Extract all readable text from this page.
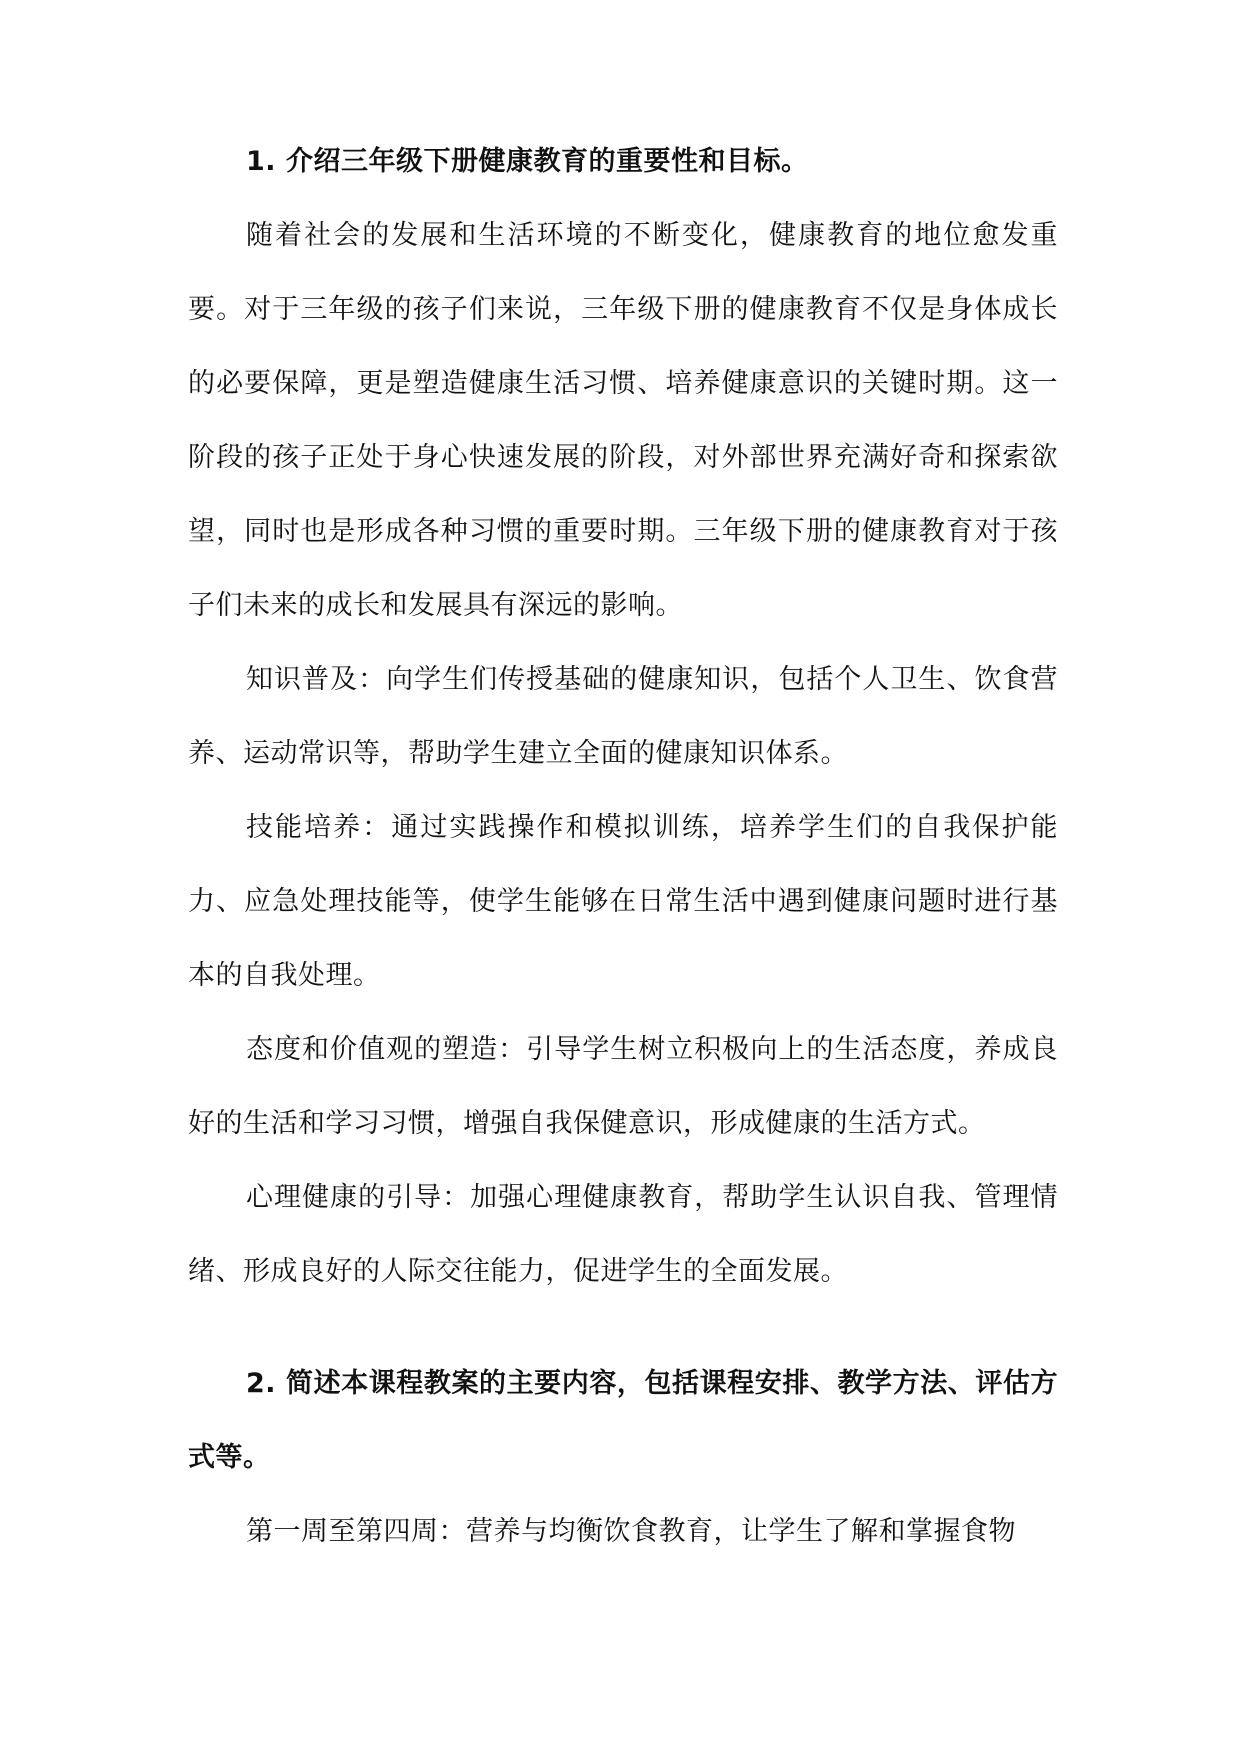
1. 介绍三年级下册健康教育的重要性和目标。

随着社会的发展和生活环境的不断变化，健康教育的地位愈发重要。对于三年级的孩子们来说，三年级下册的健康教育不仅是身体成长的必要保障，更是塑造健康生活习惯、培养健康意识的关键时期。这一阶段的孩子正处于身心快速发展的阶段，对外部世界充满好奇和探索欲望，同时也是形成各种习惯的重要时期。三年级下册的健康教育对于孩子们未来的成长和发展具有深远的影响。

知识普及：向学生们传授基础的健康知识，包括个人卫生、饮食营养、运动常识等，帮助学生建立全面的健康知识体系。

技能培养：通过实践操作和模拟训练，培养学生们的自我保护能力、应急处理技能等，使学生能够在日常生活中遇到健康问题时进行基本的自我处理。

态度和价值观的塑造：引导学生树立积极向上的生活态度，养成良好的生活和学习习惯，增强自我保健意识，形成健康的生活方式。

心理健康的引导：加强心理健康教育，帮助学生认识自我、管理情绪、形成良好的人际交往能力，促进学生的全面发展。

2. 简述本课程教案的主要内容，包括课程安排、教学方法、评估方式等。

第一周至第四周：营养与均衡饮食教育，让学生了解和掌握食物
